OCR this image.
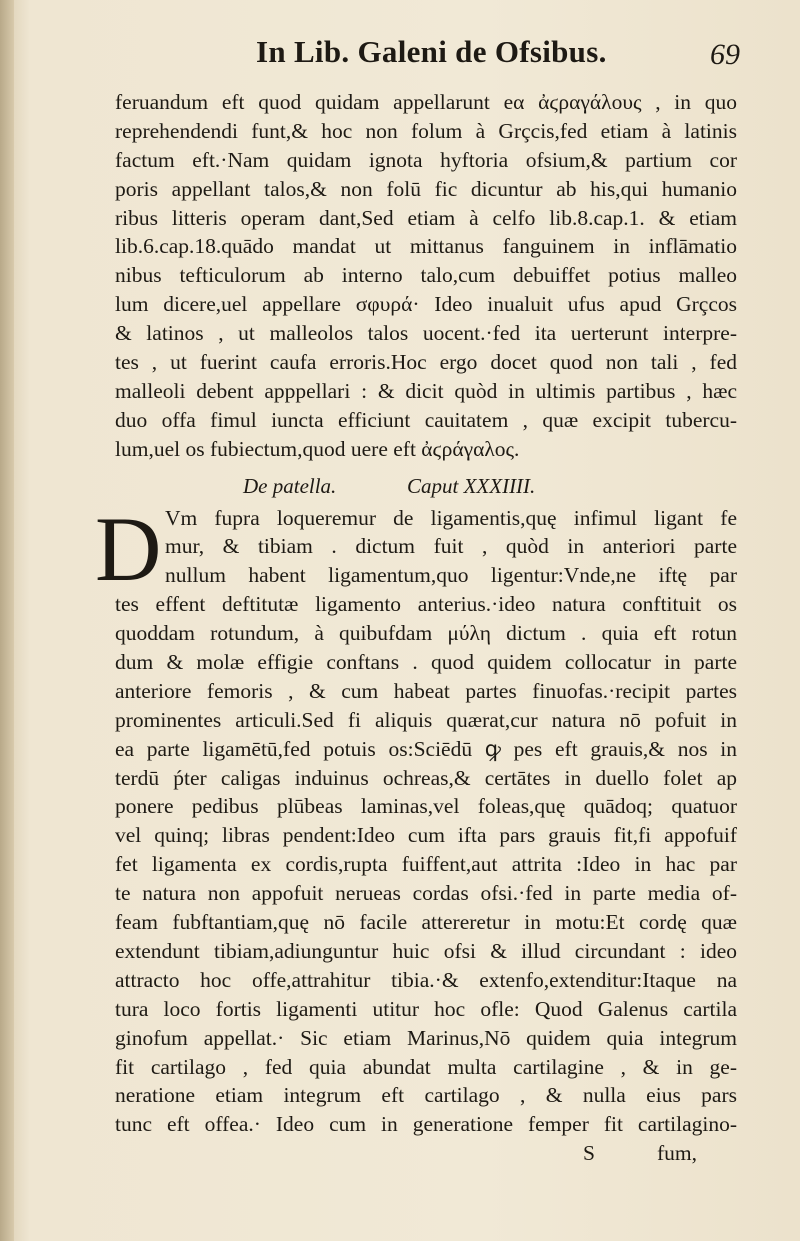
In Lib. Galeni de Ofsibus.	69
feruandum eft quod quidam appellarunt eα ἀϛραγάλους , in quo
reprehendendi funt,& hoc non folum à Grçcis,fed etiam à latinis
factum eft.·Nam quidam ignota hyftoria ofsium,& partium cor
poris appellant talos,& non folū fic dicuntur ab his,qui humanio
ribus litteris operam dant,Sed etiam à celfo lib.8.cap.1. & etiam
lib.6.cap.18.quādo mandat ut mittanus fanguinem in inflāmatio
nibus tefticulorum ab interno talo,cum debuiffet potius malleo
lum dicere,uel appellare σφυρά· Ideo inualuit ufus apud Grçcos
& latinos , ut malleolos talos uocent.·fed ita uerterunt interpre-
tes , ut fuerint caufa erroris.Hoc ergo docet quod non tali , fed
malleoli debent apppellari : & dicit quòd in ultimis partibus , hæc
duo offa fimul iuncta efficiunt cauitatem , quæ excipit tubercu-
lum,uel os fubiectum,quod uere eft ἀϛράγαλος.
De patella.	Caput XXXIIII.
D Vm fupra loqueremur de ligamentis,quę infimul ligant fe
mur, & tibiam . dictum fuit , quòd in anteriori parte
nullum habent ligamentum,quo ligentur:Vnde,ne iftę par
tes effent deftitutæ ligamento anterius.·ideo natura conftituit os
quoddam rotundum, à quibufdam μύλη dictum . quia eft rotun
dum & molæ effigie conftans . quod quidem collocatur in parte
anteriore femoris , & cum habeat partes finuofas.·recipit partes
prominentes articuli.Sed fi aliquis quærat,cur natura nō pofuit in
ea parte ligamētū,fed potuis os:Sciēdū ꝙ pes eft grauis,& nos in
terdū ṕter caligas induinus ochreas,& certātes in duello folet ap
ponere pedibus plūbeas laminas,vel foleas,quę quādoq; quatuor
vel quinq; libras pendent:Ideo cum ifta pars grauis fit,fi appofuif
fet ligamenta ex cordis,rupta fuiffent,aut attrita :Ideo in hac par
te natura non appofuit nerueas cordas ofsi.·fed in parte media of-
feam fubftantiam,quę nō facile attereretur in motu:Et cordę quæ
extendunt tibiam,adiunguntur huic ofsi & illud circundant : ideo
attracto hoc offe,attrahitur tibia.·& extenfo,extenditur:Itaque na
tura loco fortis ligamenti utitur hoc ofle: Quod Galenus cartila
ginofum appellat.· Sic etiam Marinus,Nō quidem quia integrum
fit cartilago , fed quia abundat multa cartilagine , & in ge-
neratione etiam integrum eft cartilago , & nulla eius pars
tunc eft offea.· Ideo cum in generatione femper fit cartilagino-
S	fum,
